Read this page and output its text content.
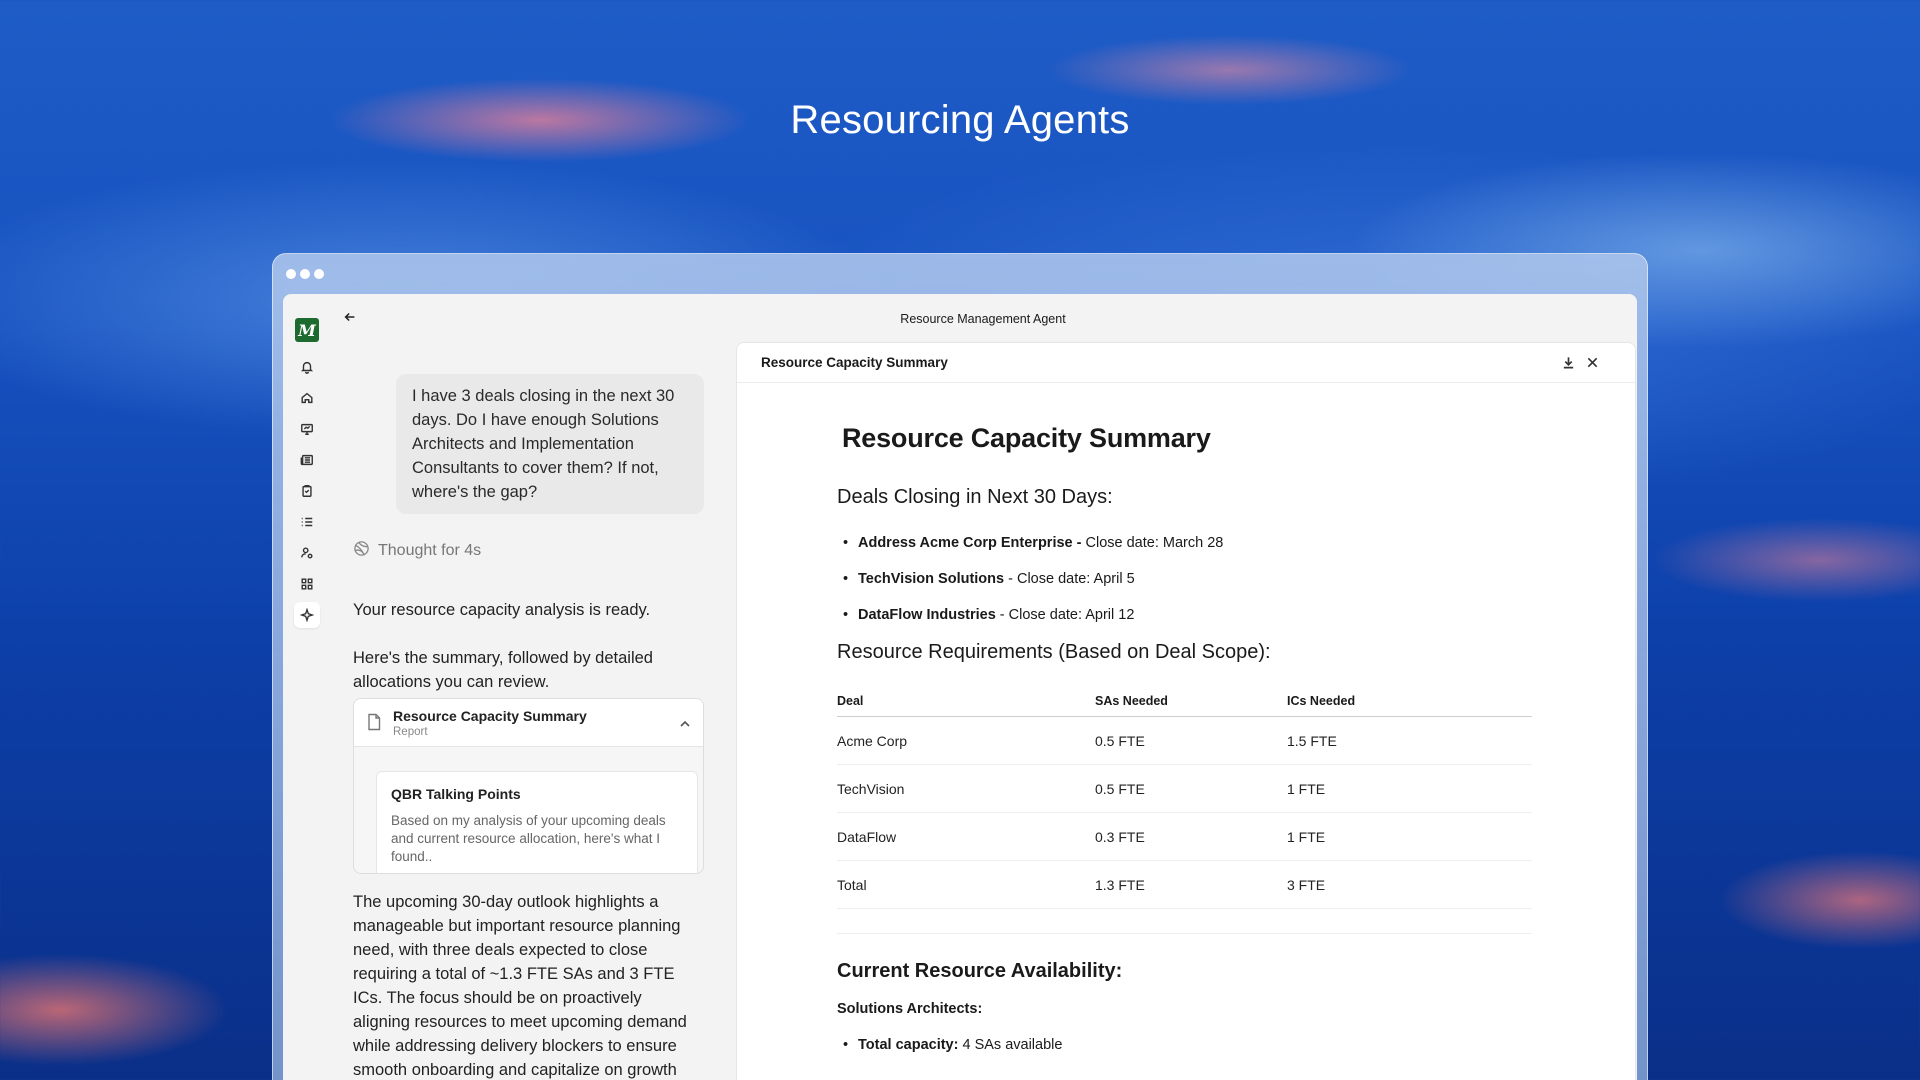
Resourcing Agents
M
Resource Management Agent
I have 3 deals closing in the next 30 days. Do I have enough Solutions Architects and Implementation Consultants to cover them? If not, where's the gap?
Thought for 4s
Your resource capacity analysis is ready.
Here's the summary, followed by detailed allocations you can review.
Resource Capacity Summary
Report
QBR Talking Points
Based on my analysis of your upcoming deals and current resource allocation, here's what I found..
The upcoming 30-day outlook highlights a manageable but important resource planning need, with three deals expected to close requiring a total of ~1.3 FTE SAs and 3 FTE ICs. The focus should be on proactively aligning resources to meet upcoming demand while addressing delivery blockers to ensure smooth onboarding and capitalize on growth
Resource Capacity Summary
Resource Capacity Summary
Deals Closing in Next 30 Days:
• Address Acme Corp Enterprise - Close date: March 28
• TechVision Solutions - Close date: April 5
• DataFlow Industries - Close date: April 12
Resource Requirements (Based on Deal Scope):
Deal	SAs Needed	ICs Needed
Acme Corp	0.5 FTE	1.5 FTE
TechVision	0.5 FTE	1 FTE
DataFlow	0.3 FTE	1 FTE
Total	1.3 FTE	3 FTE
Current Resource Availability:
Solutions Architects:
• Total capacity: 4 SAs available
